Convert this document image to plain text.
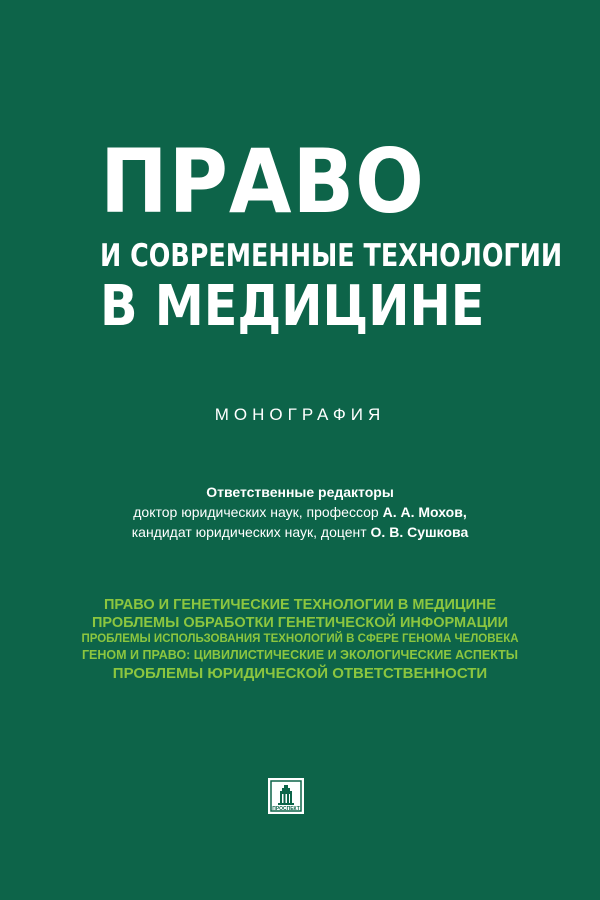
ПРАВО
И СОВРЕМЕННЫЕ ТЕХНОЛОГИИ
В МЕДИЦИНЕ
МОНОГРАФИЯ
Ответственные редакторы
доктор юридических наук, профессор А. А. Мохов,
кандидат юридических наук, доцент О. В. Сушкова
ПРАВО И ГЕНЕТИЧЕСКИЕ ТЕХНОЛОГИИ В МЕДИЦИНЕ
ПРОБЛЕМЫ ОБРАБОТКИ ГЕНЕТИЧЕСКОЙ ИНФОРМАЦИИ
ПРОБЛЕМЫ ИСПОЛЬЗОВАНИЯ ТЕХНОЛОГИЙ В СФЕРЕ ГЕНОМА ЧЕЛОВЕКА
ГЕНОМ И ПРАВО: ЦИВИЛИСТИЧЕСКИЕ И ЭКОЛОГИЧЕСКИЕ АСПЕКТЫ
ПРОБЛЕМЫ ЮРИДИЧЕСКОЙ ОТВЕТСТВЕННОСТИ
ПРОСПЕКТ
